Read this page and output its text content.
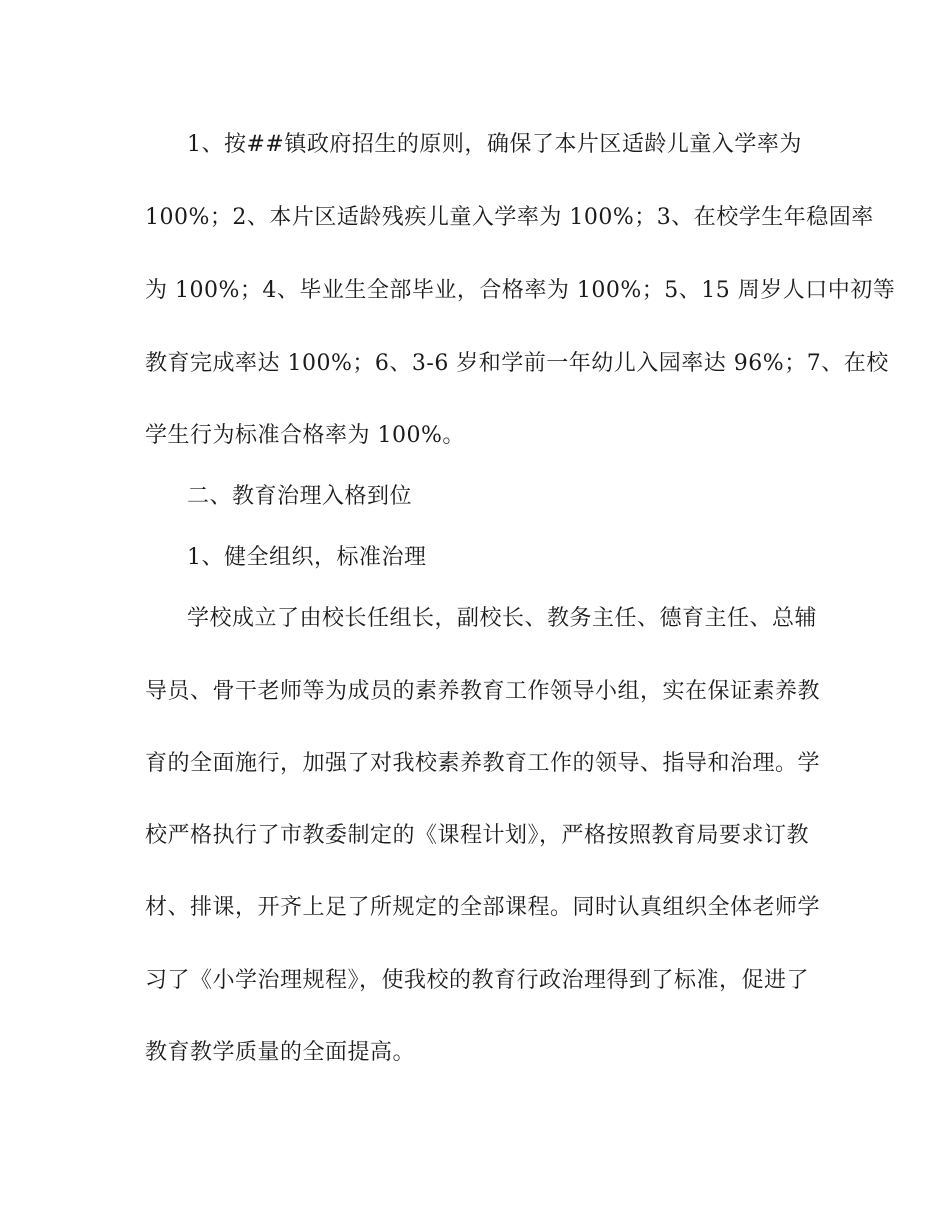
1、按##镇政府招生的原则，确保了本片区适龄儿童入学率为
100%；2、本片区适龄残疾儿童入学率为 100%；3、在校学生年稳固率
为 100%；4、毕业生全部毕业，合格率为 100%；5、15 周岁人口中初等
教育完成率达 100%；6、3-6 岁和学前一年幼儿入园率达 96%；7、在校
学生行为标准合格率为 100%。
二、教育治理入格到位
1、健全组织，标准治理
学校成立了由校长任组长，副校长、教务主任、德育主任、总辅
导员、骨干老师等为成员的素养教育工作领导小组，实在保证素养教
育的全面施行，加强了对我校素养教育工作的领导、指导和治理。学
校严格执行了市教委制定的《课程计划》，严格按照教育局要求订教
材、排课，开齐上足了所规定的全部课程。同时认真组织全体老师学
习了《小学治理规程》，使我校的教育行政治理得到了标准，促进了
教育教学质量的全面提高。
